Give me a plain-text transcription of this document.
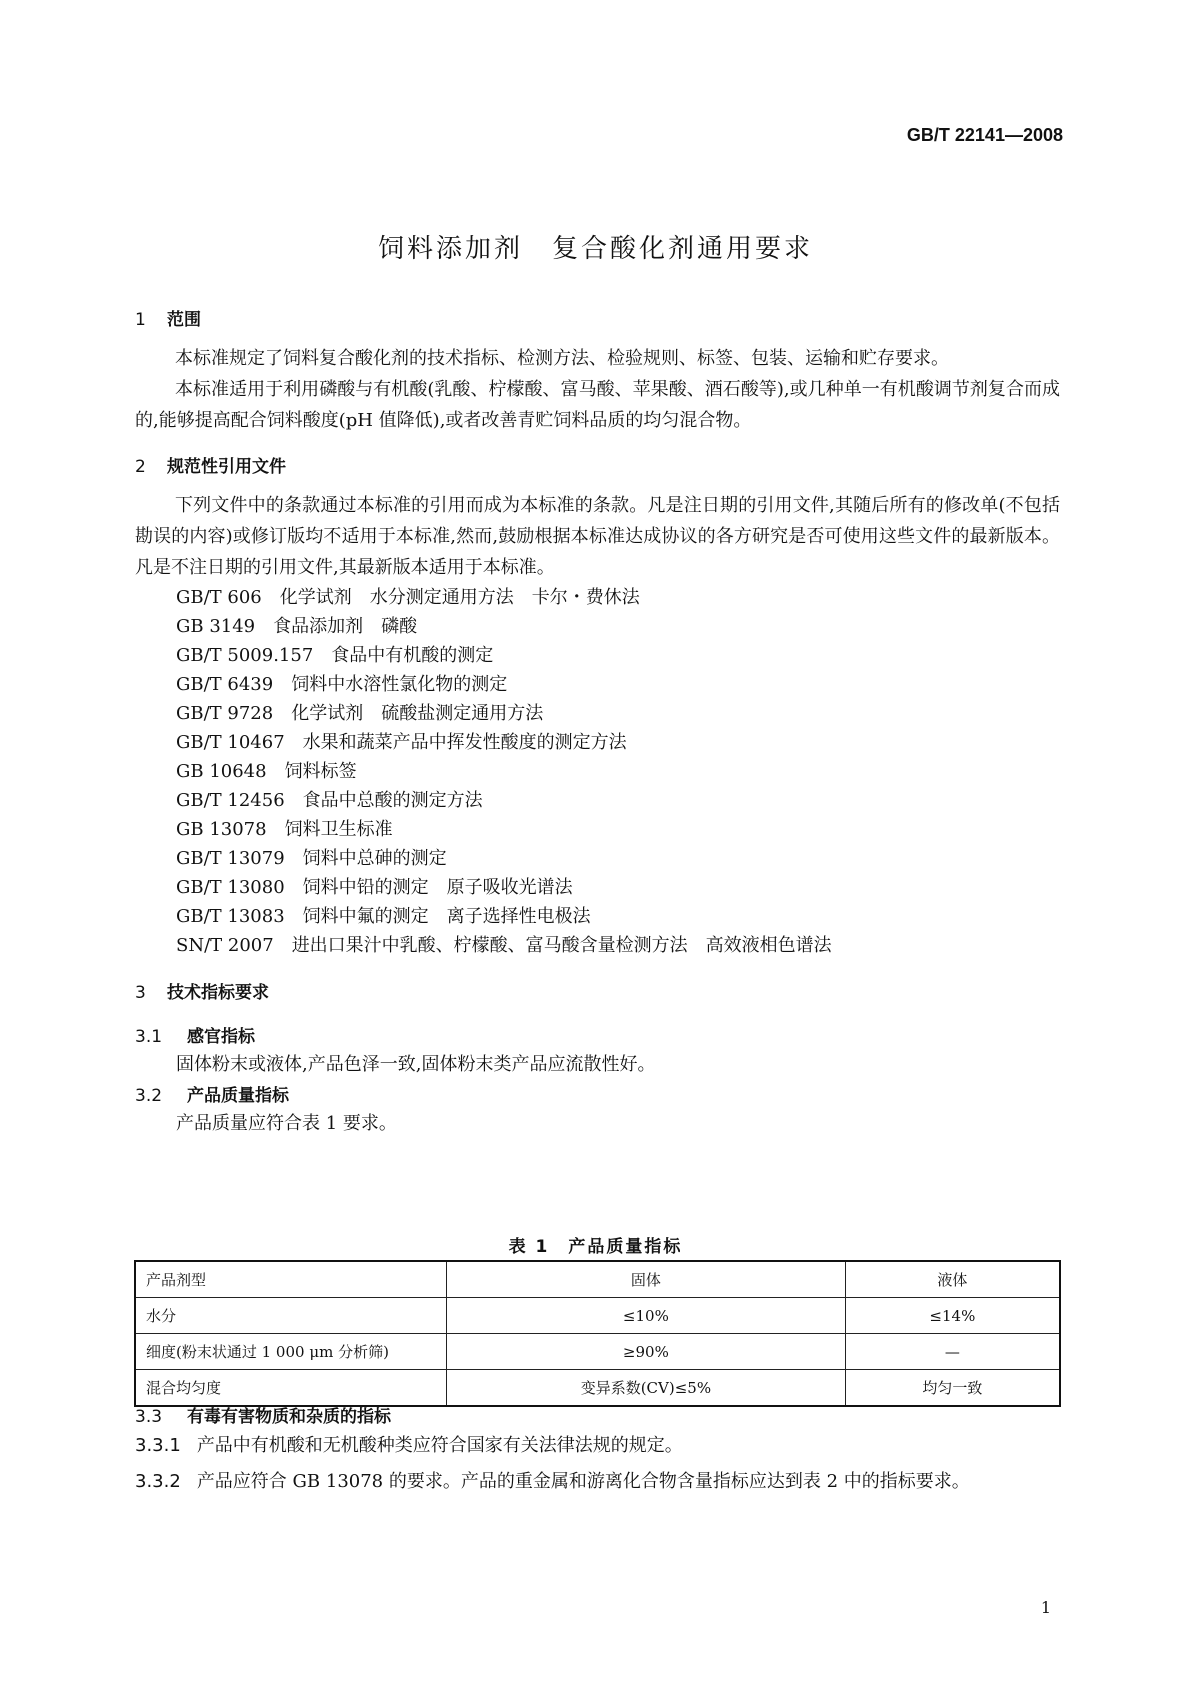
GB/T 22141—2008
饲料添加剂　复合酸化剂通用要求
1 范围
本标准规定了饲料复合酸化剂的技术指标、检测方法、检验规则、标签、包装、运输和贮存要求。
本标准适用于利用磷酸与有机酸(乳酸、柠檬酸、富马酸、苹果酸、酒石酸等),或几种单一有机酸调节剂复合而成的,能够提高配合饲料酸度(pH 值降低),或者改善青贮饲料品质的均匀混合物。
2 规范性引用文件
下列文件中的条款通过本标准的引用而成为本标准的条款。凡是注日期的引用文件,其随后所有的修改单(不包括勘误的内容)或修订版均不适用于本标准,然而,鼓励根据本标准达成协议的各方研究是否可使用这些文件的最新版本。凡是不注日期的引用文件,其最新版本适用于本标准。
GB/T 606 化学试剂　水分测定通用方法　卡尔・费休法
GB 3149 食品添加剂　磷酸
GB/T 5009.157 食品中有机酸的测定
GB/T 6439 饲料中水溶性氯化物的测定
GB/T 9728 化学试剂　硫酸盐测定通用方法
GB/T 10467 水果和蔬菜产品中挥发性酸度的测定方法
GB 10648 饲料标签
GB/T 12456 食品中总酸的测定方法
GB 13078 饲料卫生标准
GB/T 13079 饲料中总砷的测定
GB/T 13080 饲料中铅的测定　原子吸收光谱法
GB/T 13083 饲料中氟的测定　离子选择性电极法
SN/T 2007 进出口果汁中乳酸、柠檬酸、富马酸含量检测方法　高效液相色谱法
3 技术指标要求
3.1 感官指标
固体粉末或液体,产品色泽一致,固体粉末类产品应流散性好。
3.2 产品质量指标
产品质量应符合表 1 要求。
表 1　产品质量指标
产品剂型	固体	液体
水分	≤10%	≤14%
细度(粉末状通过 1 000 μm 分析筛)	≥90%	—
混合均匀度	变异系数(CV)≤5%	均匀一致
3.3 有毒有害物质和杂质的指标
3.3.1 产品中有机酸和无机酸种类应符合国家有关法律法规的规定。
3.3.2 产品应符合 GB 13078 的要求。产品的重金属和游离化合物含量指标应达到表 2 中的指标要求。
1
